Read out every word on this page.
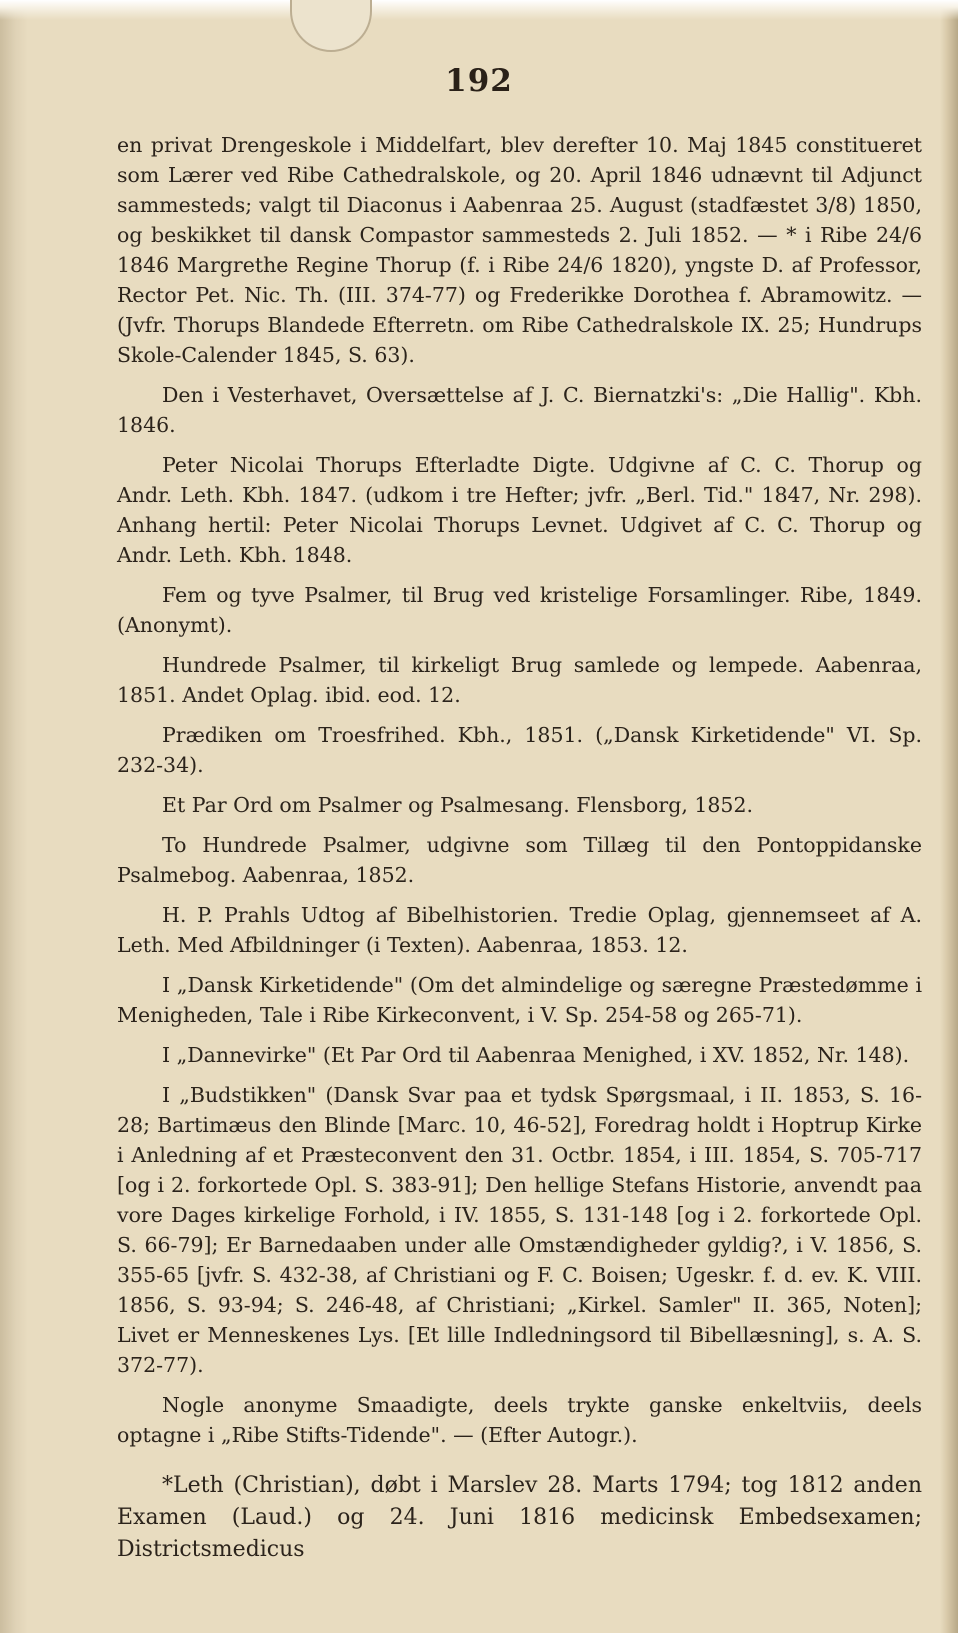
192

en privat Drengeskole i Middelfart, blev derefter 10. Maj 1845 constitueret som Lærer ved Ribe Cathedralskole, og 20. April 1846 udnævnt til Adjunct sammesteds; valgt til Diaconus i Aabenraa 25. August (stadfæstet 3/8) 1850, og beskikket til dansk Compastor sammesteds 2. Juli 1852. — * i Ribe 24/6 1846 Margrethe Regine Thorup (f. i Ribe 24/6 1820), yngste D. af Professor, Rector Pet. Nic. Th. (III. 374-77) og Frederikke Dorothea f. Abramowitz. — (Jvfr. Thorups Blandede Efterretn. om Ribe Cathedralskole IX. 25; Hundrups Skole-Calender 1845, S. 63).

Den i Vesterhavet, Oversættelse af J. C. Biernatzki's: „Die Hallig". Kbh. 1846.

Peter Nicolai Thorups Efterladte Digte. Udgivne af C. C. Thorup og Andr. Leth. Kbh. 1847. (udkom i tre Hefter; jvfr. „Berl. Tid." 1847, Nr. 298). Anhang hertil: Peter Nicolai Thorups Levnet. Udgivet af C. C. Thorup og Andr. Leth. Kbh. 1848.

Fem og tyve Psalmer, til Brug ved kristelige Forsamlinger. Ribe, 1849. (Anonymt).

Hundrede Psalmer, til kirkeligt Brug samlede og lempede. Aabenraa, 1851. Andet Oplag. ibid. eod. 12.

Prædiken om Troesfrihed. Kbh., 1851. („Dansk Kirketidende" VI. Sp. 232-34).

Et Par Ord om Psalmer og Psalmesang. Flensborg, 1852.

To Hundrede Psalmer, udgivne som Tillæg til den Pontoppidanske Psalmebog. Aabenraa, 1852.

H. P. Prahls Udtog af Bibelhistorien. Tredie Oplag, gjennemseet af A. Leth. Med Afbildninger (i Texten). Aabenraa, 1853. 12.

I „Dansk Kirketidende" (Om det almindelige og særegne Præstedømme i Menigheden, Tale i Ribe Kirkeconvent, i V. Sp. 254-58 og 265-71).

I „Dannevirke" (Et Par Ord til Aabenraa Menighed, i XV. 1852, Nr. 148).

I „Budstikken" (Dansk Svar paa et tydsk Spørgsmaal, i II. 1853, S. 16-28; Bartimæus den Blinde [Marc. 10, 46-52], Foredrag holdt i Hoptrup Kirke i Anledning af et Præsteconvent den 31. Octbr. 1854, i III. 1854, S. 705-717 [og i 2. forkortede Opl. S. 383-91]; Den hellige Stefans Historie, anvendt paa vore Dages kirkelige Forhold, i IV. 1855, S. 131-148 [og i 2. forkortede Opl. S. 66-79]; Er Barnedaaben under alle Omstændigheder gyldig?, i V. 1856, S. 355-65 [jvfr. S. 432-38, af Christiani og F. C. Boisen; Ugeskr. f. d. ev. K. VIII. 1856, S. 93-94; S. 246-48, af Christiani; „Kirkel. Samler" II. 365, Noten]; Livet er Menneskenes Lys. [Et lille Indledningsord til Bibellæsning], s. A. S. 372-77).

Nogle anonyme Smaadigte, deels trykte ganske enkeltviis, deels optagne i „Ribe Stifts-Tidende". — (Efter Autogr.).

*Leth (Christian), døbt i Marslev 28. Marts 1794; tog 1812 anden Examen (Laud.) og 24. Juni 1816 medicinsk Embedsexamen; Districtsmedicus
